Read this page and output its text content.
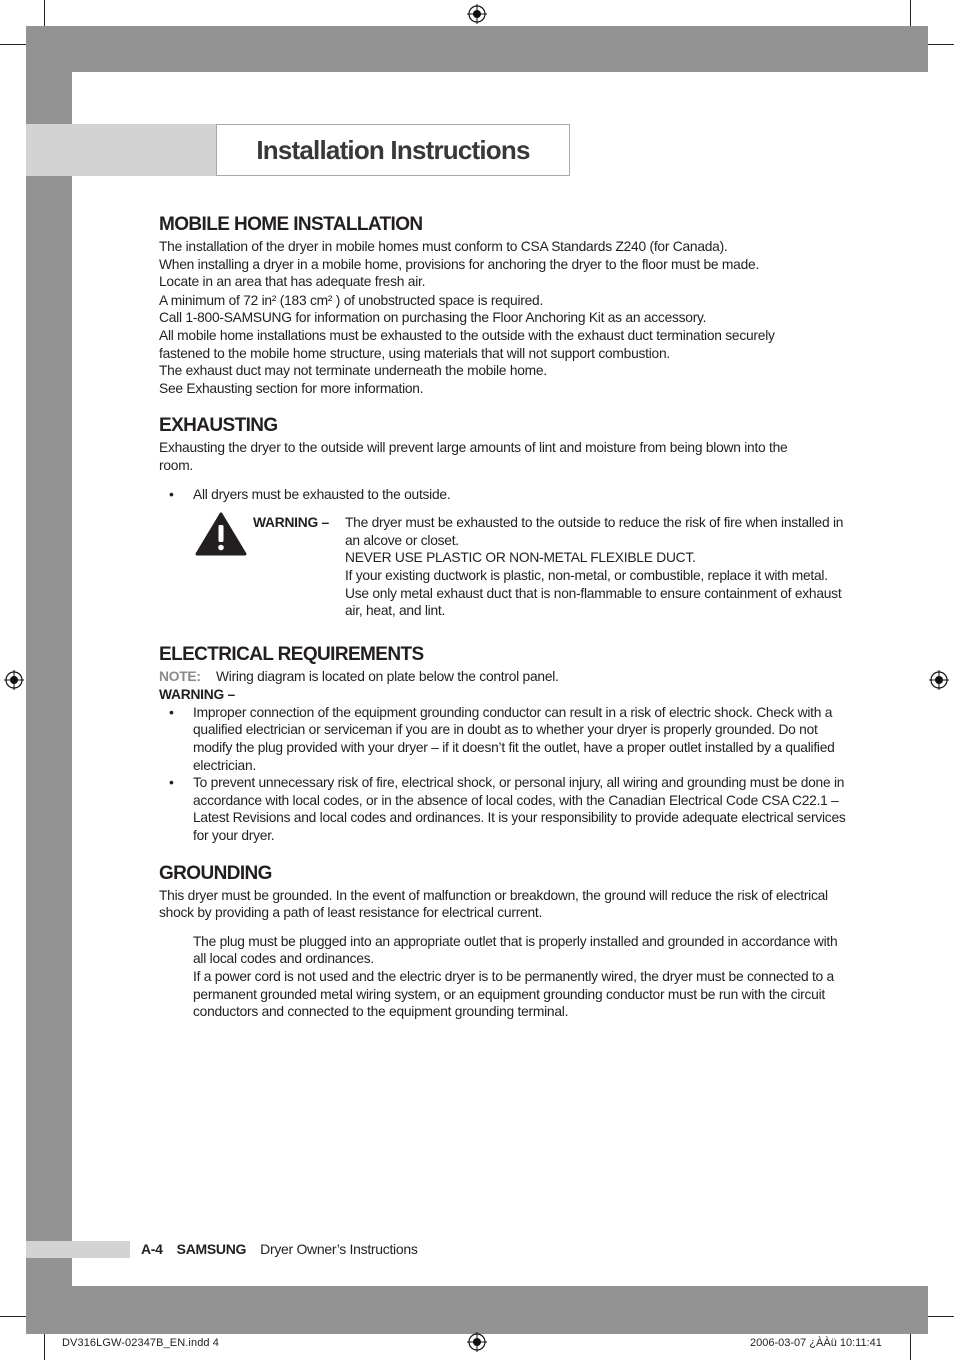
Installation Instructions
MOBILE HOME INSTALLATION

The installation of the dryer in mobile homes must conform to CSA Standards Z240 (for Canada).

When installing a dryer in a mobile home, provisions for anchoring the dryer to the floor must be made.

Locate in an area that has adequate fresh air.

A minimum of 72 in² (183 cm² ) of unobstructed space is required.

Call 1-800-SAMSUNG for information on purchasing the Floor Anchoring Kit as an accessory.

All mobile home installations must be exhausted to the outside with the exhaust duct termination securely fastened to the mobile home structure, using materials that will not support combustion.

The exhaust duct may not terminate underneath the mobile home.

See Exhausting section for more information.

EXHAUSTING

Exhausting the dryer to the outside will prevent large amounts of lint and moisture from being blown into the room.

• All dryers must be exhausted to the outside.
WARNING –	The dryer must be exhausted to the outside to reduce the risk of fire when installed in an alcove or closet.

NEVER USE PLASTIC OR NON-METAL FLEXIBLE DUCT.

If your existing ductwork is plastic, non-metal, or combustible, replace it with metal.

Use only metal exhaust duct that is non-flammable to ensure containment of exhaust air, heat, and lint.

ELECTRICAL REQUIREMENTS
NOTE: Wiring diagram is located on plate below the control panel.

WARNING –

• Improper connection of the equipment grounding conductor can result in a risk of electric shock. Check with a qualified electrician or serviceman if you are in doubt as to whether your dryer is properly grounded. Do not modify the plug provided with your dryer – if it doesn’t fit the outlet, have a proper outlet installed by a qualified electrician.
• To prevent unnecessary risk of fire, electrical shock, or personal injury, all wiring and grounding must be done in accordance with local codes, or in the absence of local codes, with the Canadian Electrical Code CSA C22.1 – Latest Revisions and local codes and ordinances. It is your responsibility to provide adequate electrical services for your dryer.
GROUNDING

This dryer must be grounded. In the event of malfunction or breakdown, the ground will reduce the risk of electrical shock by providing a path of least resistance for electrical current.

The plug must be plugged into an appropriate outlet that is properly installed and grounded in accordance with all local codes and ordinances.

If a power cord is not used and the electric dryer is to be permanently wired, the dryer must be connected to a permanent grounded metal wiring system, or an equipment grounding conductor must be run with the circuit conductors and connected to the equipment grounding terminal.

A-4 SAMSUNG Dryer Owner’s Instructions
DV316LGW-02347B_EN.indd 4	2006-03-07 ¿ÀÀü 10:11:41
